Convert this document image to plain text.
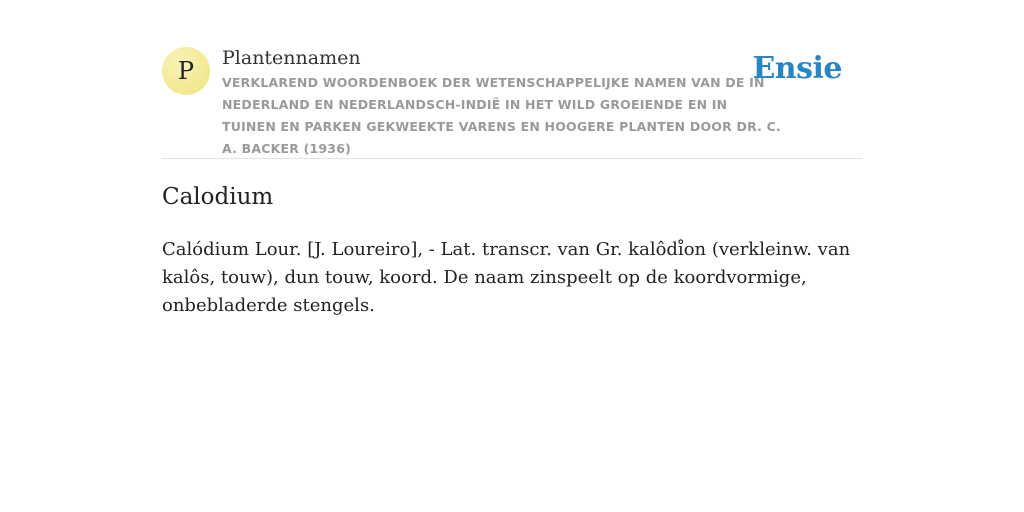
P Plantennamen

VERKLAREND WOORDENBOEK DER WETENSCHAPPELIJKE NAMEN VAN DE IN NEDERLAND EN NEDERLANDSCH-INDIË IN HET WILD GROEIENDE EN IN TUINEN EN PARKEN GEKWEEKTE VARENS EN HOOGERE PLANTEN DOOR DR. C. A. BACKER (1936)

Ensie
Calodium

Calódium Lour. [J. Loureiro], - Lat. transcr. van Gr. kalôdi̊on (verkleinw. van kalôs, touw), dun touw, koord. De naam zinspeelt op de koordvormige, onbebladerde stengels.
